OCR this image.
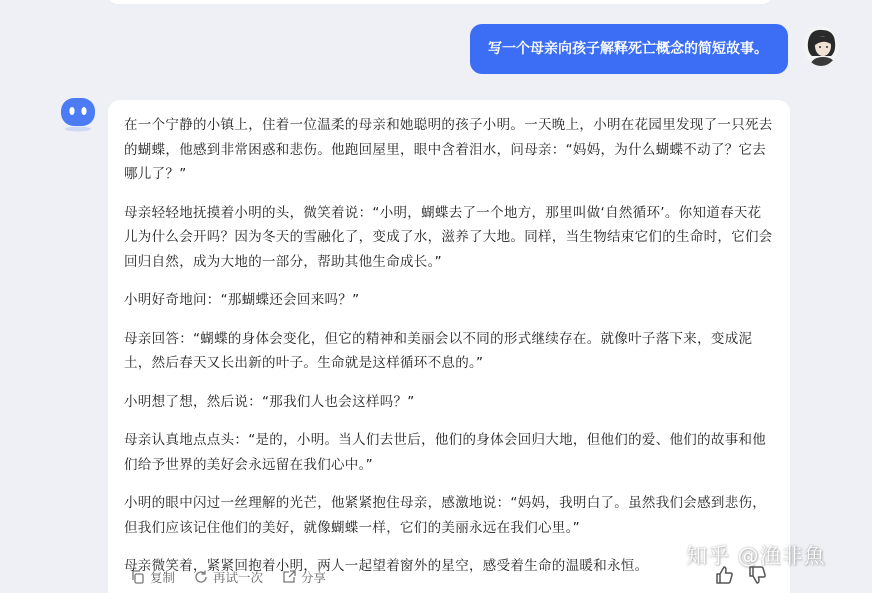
写一个母亲向孩子解释死亡概念的简短故事。

在一个宁静的小镇上，住着一位温柔的母亲和她聪明的孩子小明。一天晚上，小明在花园里发现了一只死去的蝴蝶，他感到非常困惑和悲伤。他跑回屋里，眼中含着泪水，问母亲：“妈妈，为什么蝴蝶不动了？它去哪儿了？”

母亲轻轻地抚摸着小明的头，微笑着说：“小明，蝴蝶去了一个地方，那里叫做‘自然循环’。你知道春天花儿为什么会开吗？因为冬天的雪融化了，变成了水，滋养了大地。同样，当生物结束它们的生命时，它们会回归自然，成为大地的一部分，帮助其他生命成长。”

小明好奇地问：“那蝴蝶还会回来吗？”

母亲回答：“蝴蝶的身体会变化，但它的精神和美丽会以不同的形式继续存在。就像叶子落下来，变成泥土，然后春天又长出新的叶子。生命就是这样循环不息的。”

小明想了想，然后说：“那我们人也会这样吗？”

母亲认真地点点头：“是的，小明。当人们去世后，他们的身体会回归大地，但他们的爱、他们的故事和他们给予世界的美好会永远留在我们心中。”

小明的眼中闪过一丝理解的光芒，他紧紧抱住母亲，感激地说：“妈妈，我明白了。虽然我们会感到悲伤，但我们应该记住他们的美好，就像蝴蝶一样，它们的美丽永远在我们心里。”

母亲微笑着，紧紧回抱着小明，两人一起望着窗外的星空，感受着生命的温暖和永恒。

复制	再试一次	分享
知乎 @渔非魚
